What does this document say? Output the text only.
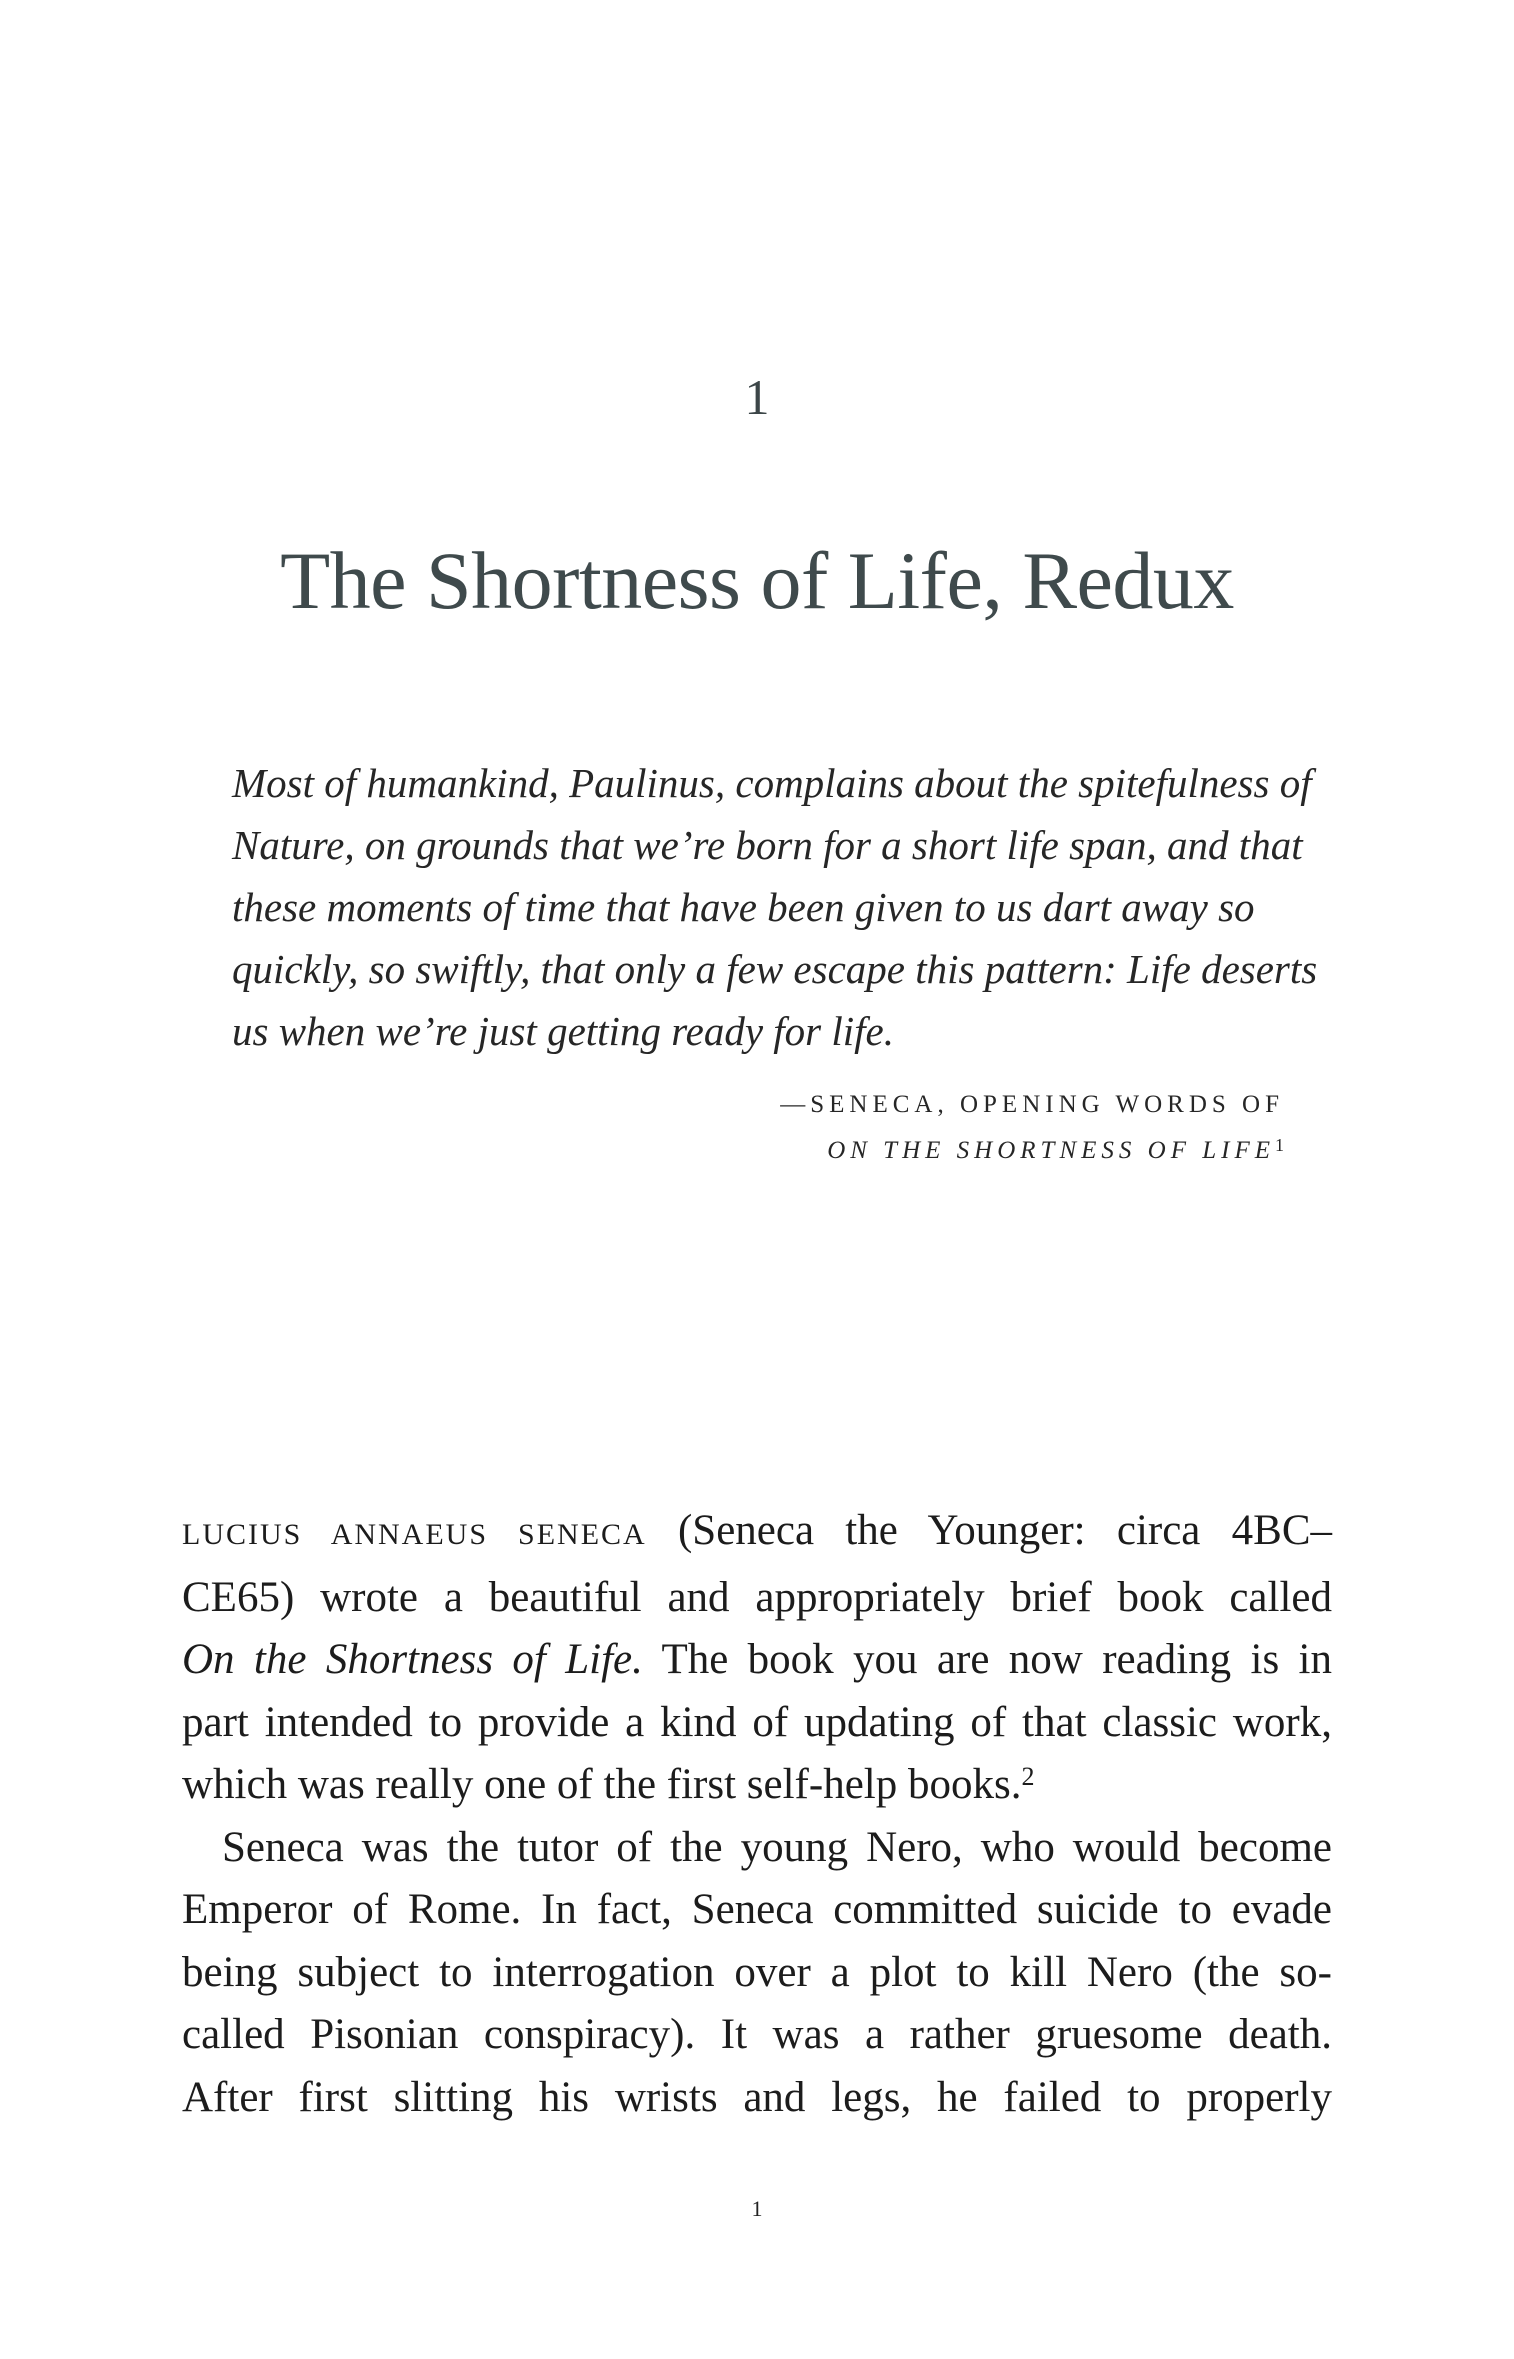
1
The Shortness of Life, Redux
Most of humankind, Paulinus, complains about the spitefulness of
Nature, on grounds that we’re born for a short life span, and that
these moments of time that have been given to us dart away so
quickly, so swiftly, that only a few escape this pattern: Life deserts
us when we’re just getting ready for life.
—SENECA, OPENING WORDS OF
ON THE SHORTNESS OF LIFE$^1$
LUCIUS ANNAEUS SENECA (Seneca the Younger: circa 4BC–
CE65) wrote a beautiful and appropriately brief book called
On the Shortness of Life. The book you are now reading is in
part intended to provide a kind of updating of that classic work,
which was really one of the first self-help books.$^2$
Seneca was the tutor of the young Nero, who would become
Emperor of Rome. In fact, Seneca committed suicide to evade
being subject to interrogation over a plot to kill Nero (the so-
called Pisonian conspiracy). It was a rather gruesome death.
After first slitting his wrists and legs, he failed to properly
1
